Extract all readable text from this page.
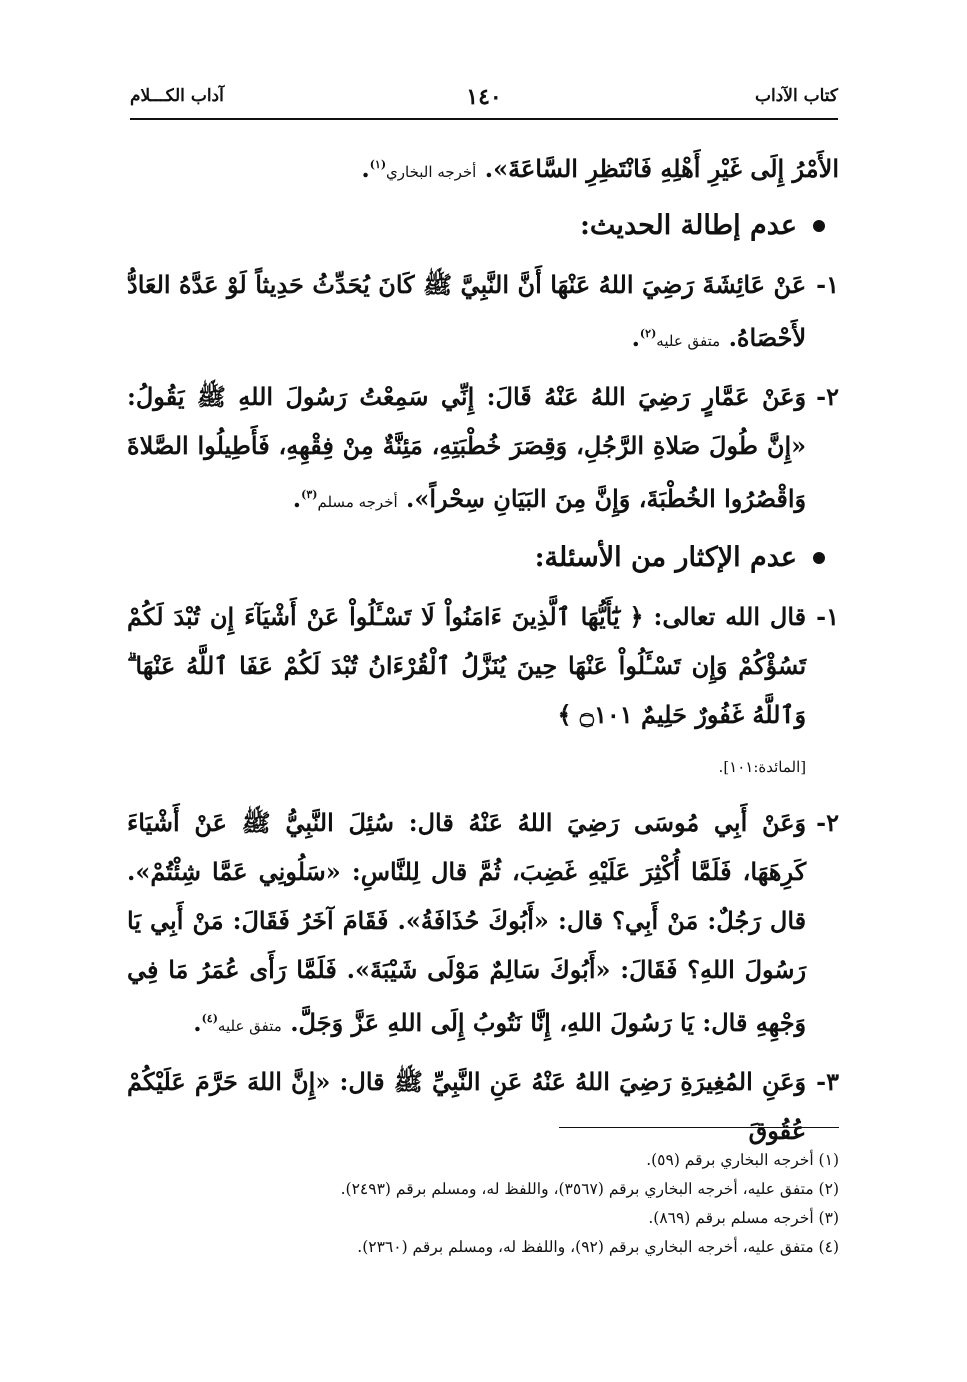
كتاب الآداب
١٤٠
آداب الكـــلام

الأَمْرُ إِلَى غَيْرِ أَهْلِهِ فَانْتَظِرِ السَّاعَةَ». أخرجه البخاري$^{(١)}$.

عدم إطالة الحديث:

١-
عَنْ عَائِشَةَ رَضِيَ اللهُ عَنْهَا أَنَّ النَّبِيَّ ﷺ كَانَ يُحَدِّثُ حَدِيثاً لَوْ عَدَّهُ العَادُّ لأَحْصَاهُ. متفق عليه$^{(٢)}$.

٢-
وَعَنْ عَمَّارٍ رَضِيَ اللهُ عَنْهُ قَالَ: إِنِّي سَمِعْتُ رَسُولَ اللهِ ﷺ يَقُولُ: «إِنَّ طُولَ صَلاةِ الرَّجُلِ، وَقِصَرَ خُطْبَتِهِ، مَئِنَّةٌ مِنْ فِقْهِهِ، فَأَطِيلُوا الصَّلاةَ وَاقْصُرُوا الخُطْبَةَ، وَإِنَّ مِنَ البَيَانِ سِحْراً». أخرجه مسلم$^{(٣)}$.

عدم الإكثار من الأسئلة:

١-
قال الله تعالى: ﴿ يَٰٓأَيُّهَا ٱلَّذِينَ ءَامَنُواْ لَا تَسْـَٔلُواْ عَنْ أَشْيَآءَ إِن تُبْدَ لَكُمْ تَسُؤْكُمْ وَإِن تَسْـَٔلُواْ عَنْهَا حِينَ يُنَزَّلُ ٱلْقُرْءَانُ تُبْدَ لَكُمْ عَفَا ٱللَّهُ عَنْهَا ۗ وَٱللَّهُ غَفُورٌ حَلِيمٌ ۝١٠١ ﴾
[المائدة:١٠١].

٢-
وَعَنْ أَبِي مُوسَى رَضِيَ اللهُ عَنْهُ قال: سُئِلَ النَّبِيُّ ﷺ عَنْ أَشْيَاءَ كَرِهَهَا، فَلَمَّا أُكْثِرَ عَلَيْهِ غَضِبَ، ثُمَّ قال لِلنَّاسِ: «سَلُونِي عَمَّا شِئْتُمْ». قال رَجُلٌ: مَنْ أَبِي؟ قال: «أَبُوكَ حُذَافَةُ». فَقَامَ آخَرُ فَقَالَ: مَنْ أَبِي يَا رَسُولَ اللهِ؟ فَقَالَ: «أَبُوكَ سَالِمٌ مَوْلَى شَيْبَةَ». فَلَمَّا رَأَى عُمَرُ مَا فِي وَجْهِهِ قال: يَا رَسُولَ اللهِ، إِنَّا نَتُوبُ إِلَى اللهِ عَزَّ وَجَلَّ. متفق عليه$^{(٤)}$.

٣-
وَعَنِ المُغِيرَةِ رَضِيَ اللهُ عَنْهُ عَنِ النَّبِيِّ ﷺ قال: «إِنَّ اللهَ حَرَّمَ عَلَيْكُمْ عُقُوقَ

(١) أخرجه البخاري برقم (٥٩).
(٢) متفق عليه، أخرجه البخاري برقم (٣٥٦٧)، واللفظ له، ومسلم برقم (٢٤٩٣).
(٣) أخرجه مسلم برقم (٨٦٩).
(٤) متفق عليه، أخرجه البخاري برقم (٩٢)، واللفظ له، ومسلم برقم (٢٣٦٠).
